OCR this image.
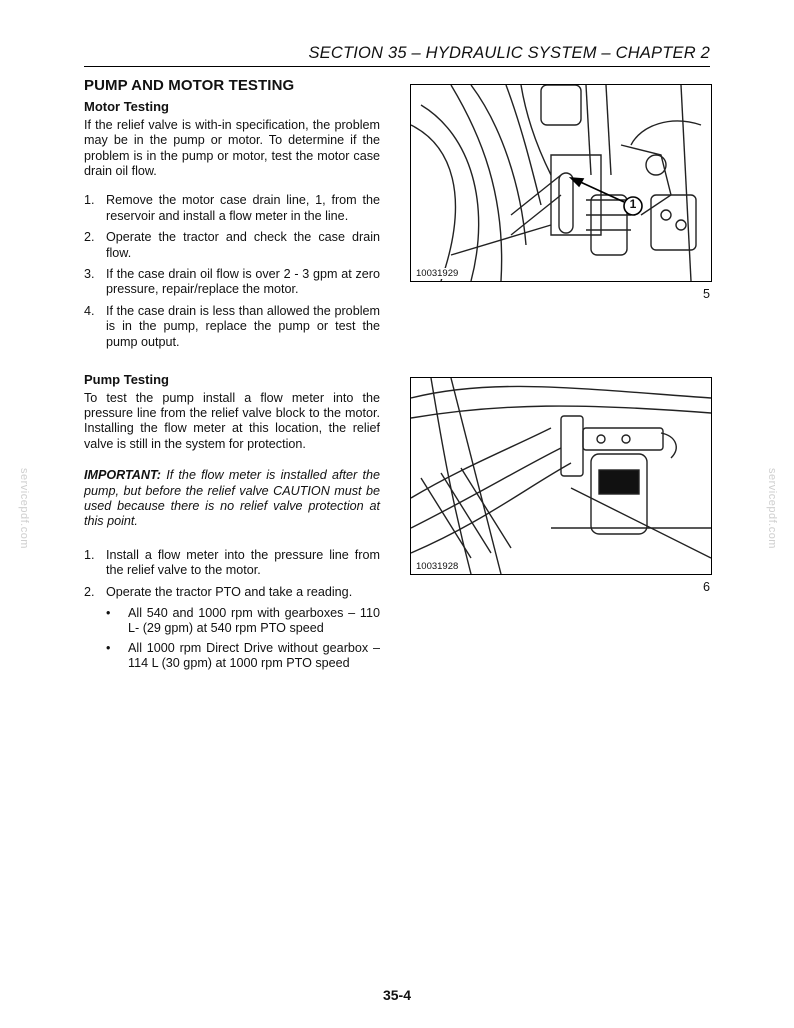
SECTION 35 – HYDRAULIC SYSTEM – CHAPTER 2
PUMP AND MOTOR TESTING
Motor Testing

If the relief valve is with-in specification, the problem may be in the pump or motor. To determine if the problem is in the pump or motor, test the motor case drain oil flow.

1. Remove the motor case drain line, 1, from the reservoir and install a flow meter in the line.
2. Operate the tractor and check the case drain flow.
3. If the case drain oil flow is over 2 - 3 gpm at zero pressure, repair/replace the motor.
4. If the case drain is less than allowed the problem is in the pump, replace the pump or test the pump output.
Pump Testing

To test the pump install a flow meter into the pressure line from the relief valve block to the motor. Installing the flow meter at this location, the relief valve is still in the system for protection.

IMPORTANT: If the flow meter is installed after the pump, but before the relief valve CAUTION must be used because there is no relief valve protection at this point.

1. Install a flow meter into the pressure line from the relief valve to the motor.
2. Operate the tractor PTO and take a reading.
• All 540 and 1000 rpm with gearboxes – 110 L- (29 gpm) at 540 rpm PTO speed
• All 1000 rpm Direct Drive without gearbox – 114 L (30 gpm) at 1000 rpm PTO speed
1
10031929
5
10031928
6
servicepdf.com	servicepdf.com
35-4
